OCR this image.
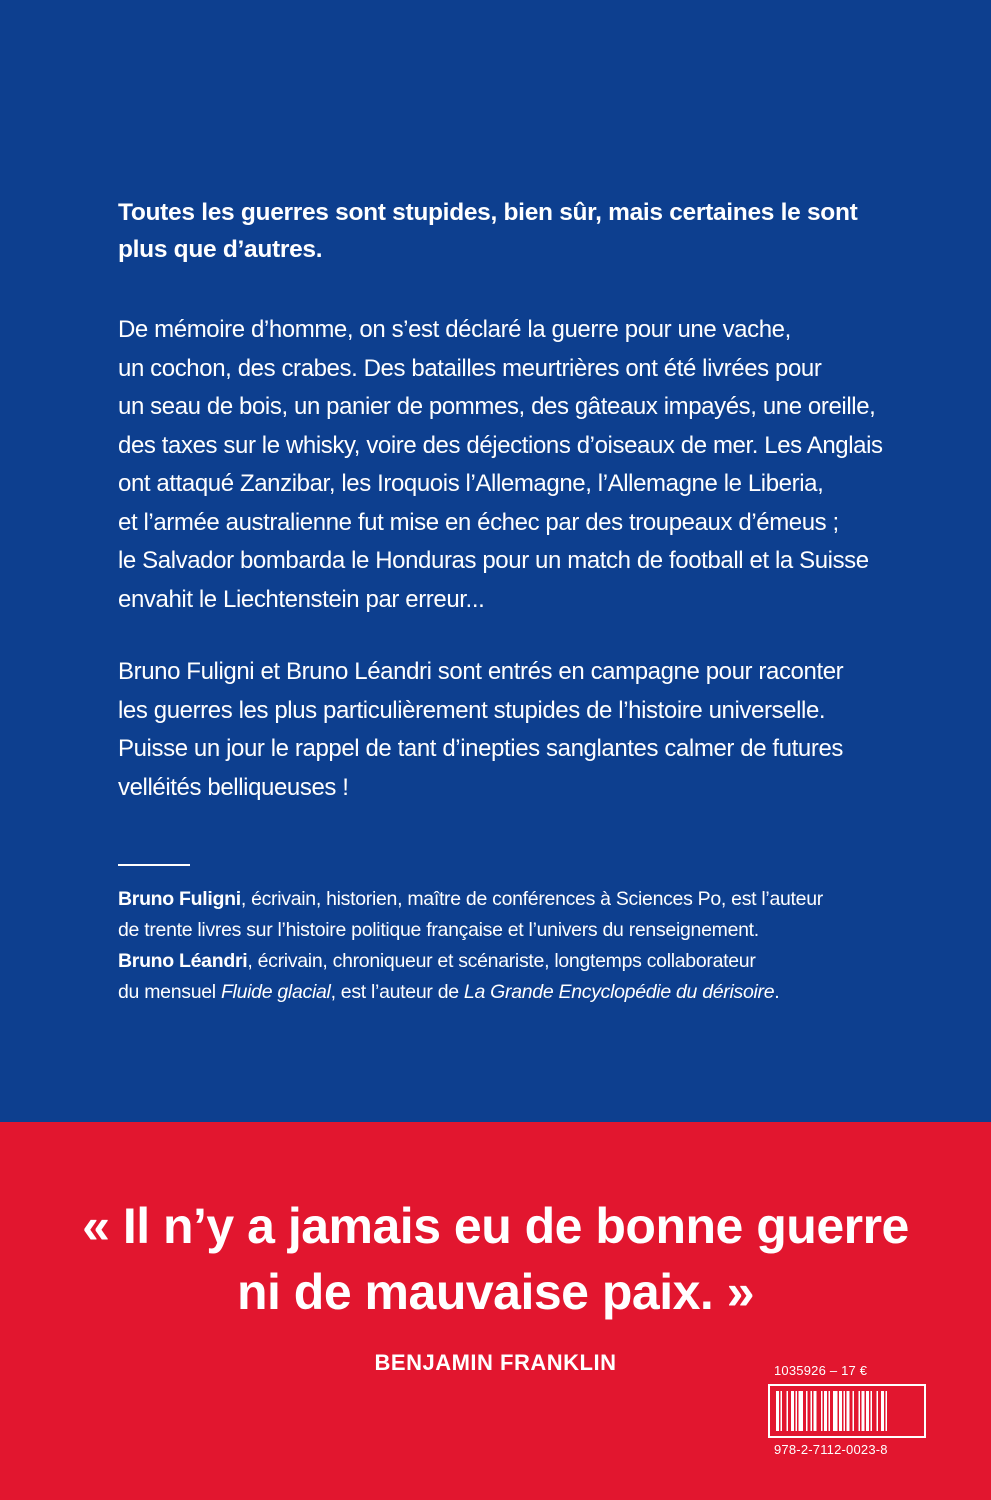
Toutes les guerres sont stupides, bien sûr, mais certaines le sont
plus que d’autres.
De mémoire d’homme, on s’est déclaré la guerre pour une vache,
un cochon, des crabes. Des batailles meurtrières ont été livrées pour
un seau de bois, un panier de pommes, des gâteaux impayés, une oreille,
des taxes sur le whisky, voire des déjections d’oiseaux de mer. Les Anglais
ont attaqué Zanzibar, les Iroquois l’Allemagne, l’Allemagne le Liberia,
et l’armée australienne fut mise en échec par des troupeaux d’émeus ;
le Salvador bombarda le Honduras pour un match de football et la Suisse
envahit le Liechtenstein par erreur...
Bruno Fuligni et Bruno Léandri sont entrés en campagne pour raconter
les guerres les plus particulièrement stupides de l’histoire universelle.
Puisse un jour le rappel de tant d’inepties sanglantes calmer de futures
velléités belliqueuses !
Bruno Fuligni, écrivain, historien, maître de conférences à Sciences Po, est l’auteur
de trente livres sur l’histoire politique française et l’univers du renseignement.
Bruno Léandri, écrivain, chroniqueur et scénariste, longtemps collaborateur
du mensuel Fluide glacial, est l’auteur de La Grande Encyclopédie du dérisoire.
« Il n’y a jamais eu de bonne guerre
ni de mauvaise paix. »
BENJAMIN FRANKLIN	1035926 – 17 €
978-2-7112-0023-8
